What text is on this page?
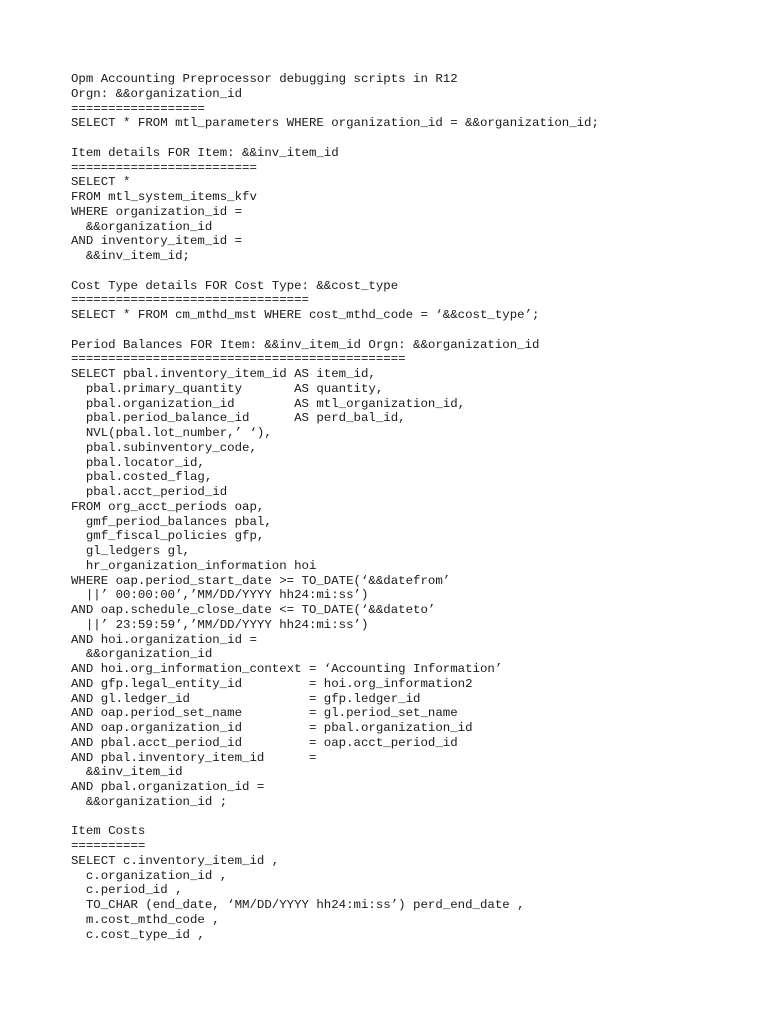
Opm Accounting Preprocessor debugging scripts in R12
Orgn: &&organization_id
==================
SELECT * FROM mtl_parameters WHERE organization_id = &&organization_id;
Item details FOR Item: &&inv_item_id
=========================
SELECT *
FROM mtl_system_items_kfv
WHERE organization_id =
&&organization_id
AND inventory_item_id =
&&inv_item_id;
Cost Type details FOR Cost Type: &&cost_type
================================
SELECT * FROM cm_mthd_mst WHERE cost_mthd_code = ‘&&cost_type’;
Period Balances FOR Item: &&inv_item_id Orgn: &&organization_id
=============================================
SELECT pbal.inventory_item_id AS item_id,
pbal.primary_quantity       AS quantity,
pbal.organization_id        AS mtl_organization_id,
pbal.period_balance_id      AS perd_bal_id,
NVL(pbal.lot_number,’ ‘),
pbal.subinventory_code,
pbal.locator_id,
pbal.costed_flag,
pbal.acct_period_id
FROM org_acct_periods oap,
gmf_period_balances pbal,
gmf_fiscal_policies gfp,
gl_ledgers gl,
hr_organization_information hoi
WHERE oap.period_start_date >= TO_DATE(‘&&datefrom’
||’ 00:00:00’,’MM/DD/YYYY hh24:mi:ss’)
AND oap.schedule_close_date <= TO_DATE(‘&&dateto’
||’ 23:59:59’,’MM/DD/YYYY hh24:mi:ss’)
AND hoi.organization_id =
&&organization_id
AND hoi.org_information_context = ‘Accounting Information’
AND gfp.legal_entity_id         = hoi.org_information2
AND gl.ledger_id                = gfp.ledger_id
AND oap.period_set_name         = gl.period_set_name
AND oap.organization_id         = pbal.organization_id
AND pbal.acct_period_id         = oap.acct_period_id
AND pbal.inventory_item_id      =
&&inv_item_id
AND pbal.organization_id =
&&organization_id ;
Item Costs
==========
SELECT c.inventory_item_id ,
c.organization_id ,
c.period_id ,
TO_CHAR (end_date, ‘MM/DD/YYYY hh24:mi:ss’) perd_end_date ,
m.cost_mthd_code ,
c.cost_type_id ,
